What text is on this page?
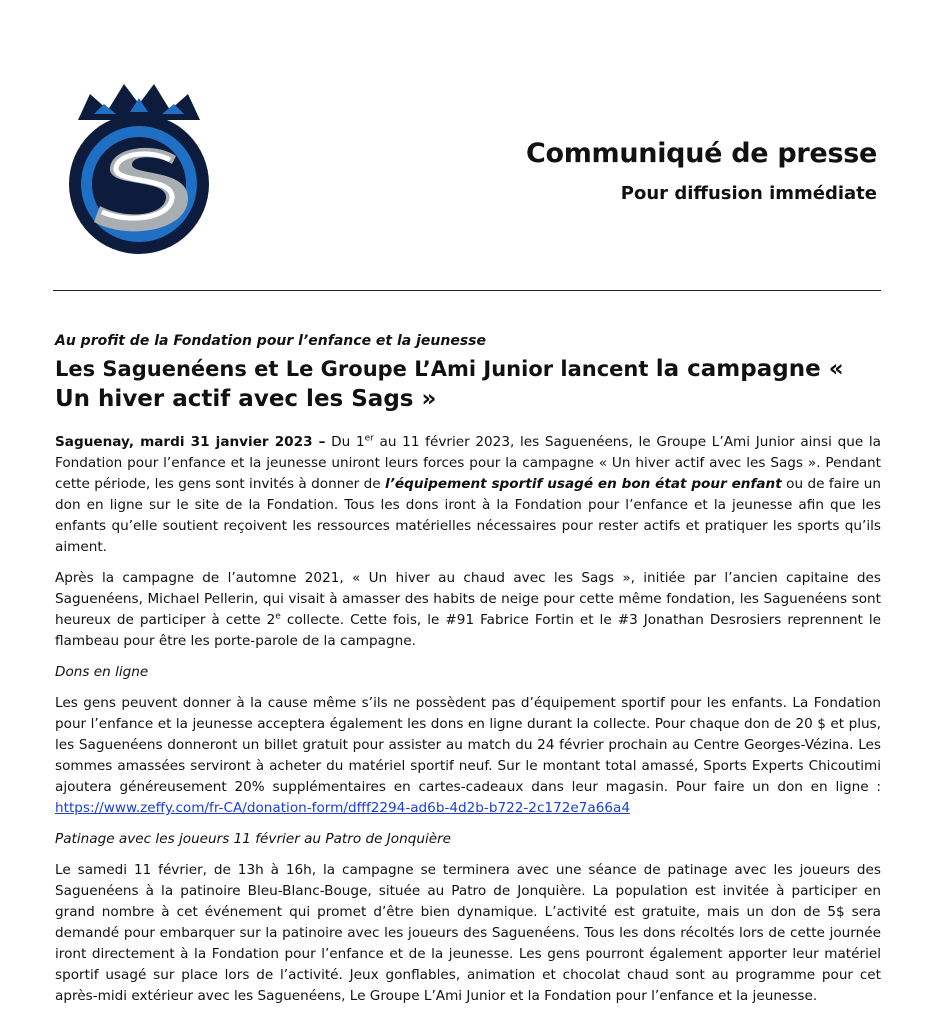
Communiqué de presse
Pour diffusion immédiate

Au profit de la Fondation pour l’enfance et la jeunesse

Les Saguenéens et Le Groupe L’Ami Junior lancent la campagne « Un hiver actif avec les Sags »

Saguenay, mardi 31 janvier 2023 – Du 1er au 11 février 2023, les Saguenéens, le Groupe L’Ami Junior ainsi que la Fondation pour l’enfance et la jeunesse uniront leurs forces pour la campagne « Un hiver actif avec les Sags ». Pendant cette période, les gens sont invités à donner de l’équipement sportif usagé en bon état pour enfant ou de faire un don en ligne sur le site de la Fondation. Tous les dons iront à la Fondation pour l’enfance et la jeunesse afin que les enfants qu’elle soutient reçoivent les ressources matérielles nécessaires pour rester actifs et pratiquer les sports qu’ils aiment.

Après la campagne de l’automne 2021, « Un hiver au chaud avec les Sags », initiée par l’ancien capitaine des Saguenéens, Michael Pellerin, qui visait à amasser des habits de neige pour cette même fondation, les Saguenéens sont heureux de participer à cette 2e collecte. Cette fois, le #91 Fabrice Fortin et le #3 Jonathan Desrosiers reprennent le flambeau pour être les porte-parole de la campagne.

Dons en ligne

Les gens peuvent donner à la cause même s’ils ne possèdent pas d’équipement sportif pour les enfants. La Fondation pour l’enfance et la jeunesse acceptera également les dons en ligne durant la collecte. Pour chaque don de 20 $ et plus, les Saguenéens donneront un billet gratuit pour assister au match du 24 février prochain au Centre Georges-Vézina. Les sommes amassées serviront à acheter du matériel sportif neuf. Sur le montant total amassé, Sports Experts Chicoutimi ajoutera généreusement 20% supplémentaires en cartes-cadeaux dans leur magasin. Pour faire un don en ligne : https://www.zeffy.com/fr-CA/donation-form/dfff2294-ad6b-4d2b-b722-2c172e7a66a4

Patinage avec les joueurs 11 février au Patro de Jonquière

Le samedi 11 février, de 13h à 16h, la campagne se terminera avec une séance de patinage avec les joueurs des Saguenéens à la patinoire Bleu-Blanc-Bouge, située au Patro de Jonquière. La population est invitée à participer en grand nombre à cet événement qui promet d’être bien dynamique. L’activité est gratuite, mais un don de 5$ sera demandé pour embarquer sur la patinoire avec les joueurs des Saguenéens. Tous les dons récoltés lors de cette journée iront directement à la Fondation pour l’enfance et de la jeunesse. Les gens pourront également apporter leur matériel sportif usagé sur place lors de l’activité. Jeux gonflables, animation et chocolat chaud sont au programme pour cet après-midi extérieur avec les Saguenéens, Le Groupe L’Ami Junior et la Fondation pour l’enfance et la jeunesse.
